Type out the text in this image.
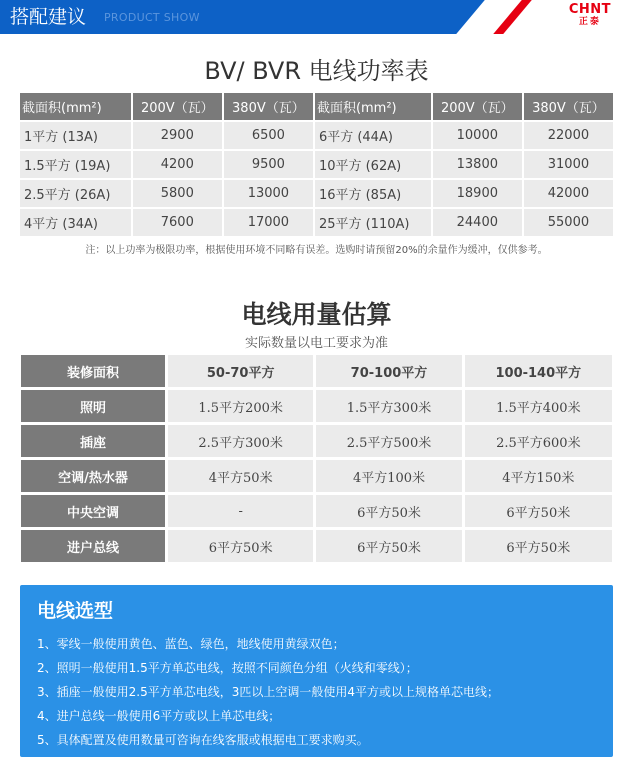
搭配建议 PRODUCT SHOW
CHNT
正泰
BV/ BVR 电线功率表
截面积(mm²)	200V（瓦）	380V（瓦）	截面积(mm²)	200V（瓦）	380V（瓦）
1平方 (13A)	2900	6500	6平方 (44A)	10000	22000
1.5平方 (19A)	4200	9500	10平方 (62A)	13800	31000
2.5平方 (26A)	5800	13000	16平方 (85A)	18900	42000
4平方 (34A)	7600	17000	25平方 (110A)	24400	55000
注：以上功率为极限功率，根据使用环境不同略有误差。选购时请预留20%的余量作为缓冲，仅供参考。
电线用量估算
实际数量以电工要求为准
装修面积	50-70平方	70-100平方	100-140平方
照明	1.5平方200米	1.5平方300米	1.5平方400米
插座	2.5平方300米	2.5平方500米	2.5平方600米
空调/热水器	4平方50米	4平方100米	4平方150米
中央空调	-	6平方50米	6平方50米
进户总线	6平方50米	6平方50米	6平方50米
电线选型
1、零线一般使用黄色、蓝色、绿色，地线使用黄绿双色；
2、照明一般使用1.5平方单芯电线，按照不同颜色分组（火线和零线）；
3、插座一般使用2.5平方单芯电线，3匹以上空调一般使用4平方或以上规格单芯电线；
4、进户总线一般使用6平方或以上单芯电线；
5、具体配置及使用数量可咨询在线客服或根据电工要求购买。
